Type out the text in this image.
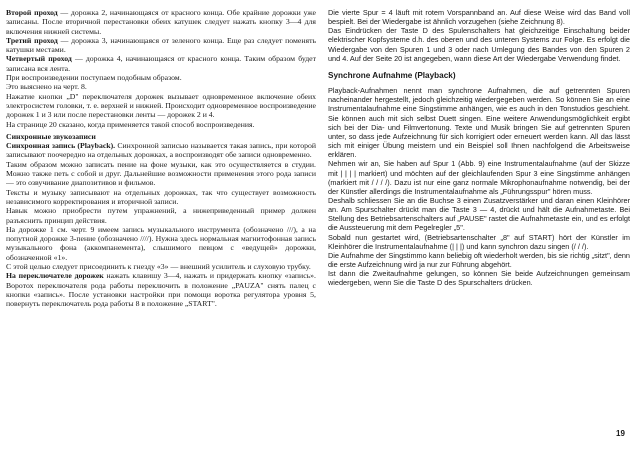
Второй проход — дорожка 2, начинающаяся от красного конца. Обе крайние дорожки уже записаны. После вторичной перестановки обеих катушек следует нажать кнопку 3—4 для включения нижней системы.

Третий проход — дорожка 3, начинающаяся от зеленого конца. Еще раз следует поменять катушки местами.

Четвертый проход — дорожка 4, начинающаяся от красного конца. Таким образом будет записана вся лента.

При воспроизведении поступаем подобным образом.

Это выяснено на черт. 8.

Нажатие кнопки „D" переключателя дорожек вызывает одновременное включение обеих электросистем головки, т. е. верхней и нижней. Происходит одновременное воспроизведение дорожек 1 и 3 или после перестановки ленты — дорожек 2 и 4.

На странице 20 сказано, когда применяется такой способ воспроизведения.

Синхронные звукозаписи

Синхронная запись (Playback). Синхронной записью называется такая запись, при которой записывают поочередно на отдельных дорожках, а воспроизводят обе записи одновременно.

Таким образом можно записать пение на фоне музыки, как это осуществляется в студии. Можно также петь с собой и друг. Дальнейшие возможности применения этого рода записи — это озвучивание диапозитивов и фильмов.

Тексты и музыку записывают на отдельных дорожках, так что существует возможность независимого корректирования и вторичной записи.

Навык можно приобрести путем упражнений, а нижеприведенный пример должен разъяснить принцип действия.

На дорожке 1 см. черт. 9 имеем запись музыкального инструмента (обозначено ///), а на попутной дорожке 3-пение (обозначено ////). Нужна здесь нормальная магнитофонная запись музыкального фона (аккомпанемента), слышимого певцом с «ведущей» дорожки, обозначенной «1».

С этой целью следует присоединить к гнезду «3» — внешний усилитель и слуховую трубку.

На переключателе дорожек нажать клавишу 3—4, нажать и придержать кнопку «запись». Воротох переключателя рода работы переключить в положение „PAUZA" снять палец с кнопки «запись». После установки настройки при помощи воротка регулятора уровня 5, повернуть переключатель рода работы 8 в положение „START".

Die vierte Spur = 4 läuft mit rotem Vorspannband an. Auf diese Weise wird das Band voll bespielt. Bei der Wiedergabe ist ähnlich vorzugehen (siehe Zeichnung 8).

Das Eindrücken der Taste D des Spulenschalters hat gleichzeitige Einschaltung beider elektrischer Kopfsysteme d.h. des oberen und des unteren Systems zur Folge. Es erfolgt die Wiedergabe von den Spuren 1 und 3 oder nach Umlegung des Bandes von den Spuren 2 und 4. Auf der Seite 20 ist angegeben, wann diese Art der Wiedergabe Verwendung findet.

Synchrone Aufnahme (Playback)

Playback-Aufnahmen nennt man synchrone Aufnahmen, die auf getrennten Spuren nacheinander hergestellt, jedoch gleichzeitig wiedergegeben werden. So können Sie an eine Instrumentalaufnahme eine Singstimme anhängen, wie es auch in den Tonstudios geschieht. Sie können auch mit sich selbst Duett singen. Eine weitere Anwendungsmöglichkeit ergibt sich bei der Dia- und Filmvertonung. Texte und Musik bringen Sie auf getrennten Spuren unter, so dass jede Aufzeichnung für sich korrigiert oder erneuert werden kann. All das lässt sich mit einiger Übung meistern und ein Beispiel soll Ihnen nachfolgend die Arbeitsweise erklären.

Nehmen wir an, Sie haben auf Spur 1 (Abb. 9) eine Instrumentalaufnahme (auf der Skizze mit | | | | markiert) und möchten auf der gleichlaufenden Spur 3 eine Singstimme anhängen (markiert mit / / / /). Dazu ist nur eine ganz normale Mikrophonaufnahme notwendig, bei der der Künstler allerdings die Instrumentalaufnahme als „Führungsspur" hören muss.

Deshalb schliessen Sie an die Buchse 3 einen Zusatzverstärker und daran einen Kleinhörer an. Am Spurschalter drückt man die Taste 3 — 4, drückt und hält die Aufnahmetaste. Bei Stellung des Betriebsartenschalters auf „PAUSE" rastet die Aufnahmetaste ein, und es erfolgt die Aussteuerung mit dem Pegelregler „5".

Sobald nun gestartet wird, (Betriebsartenschalter „8" auf START) hört der Künstler im Kleinhörer die Instrumentalaufnahme (| | |) und kann synchron dazu singen (/ / /).

Die Aufnahme der Singstimmo kann beliebig oft wiederholt werden, bis sie richtig „sitzt", denn die erste Aufzeichnung wird ja nur zur Führung abgehört.

Ist dann die Zweitaufnahme gelungen, so können Sie beide Aufzeichnungen gemeinsam wiedergeben, wenn Sie die Taste D des Spurschalters drücken.

19
